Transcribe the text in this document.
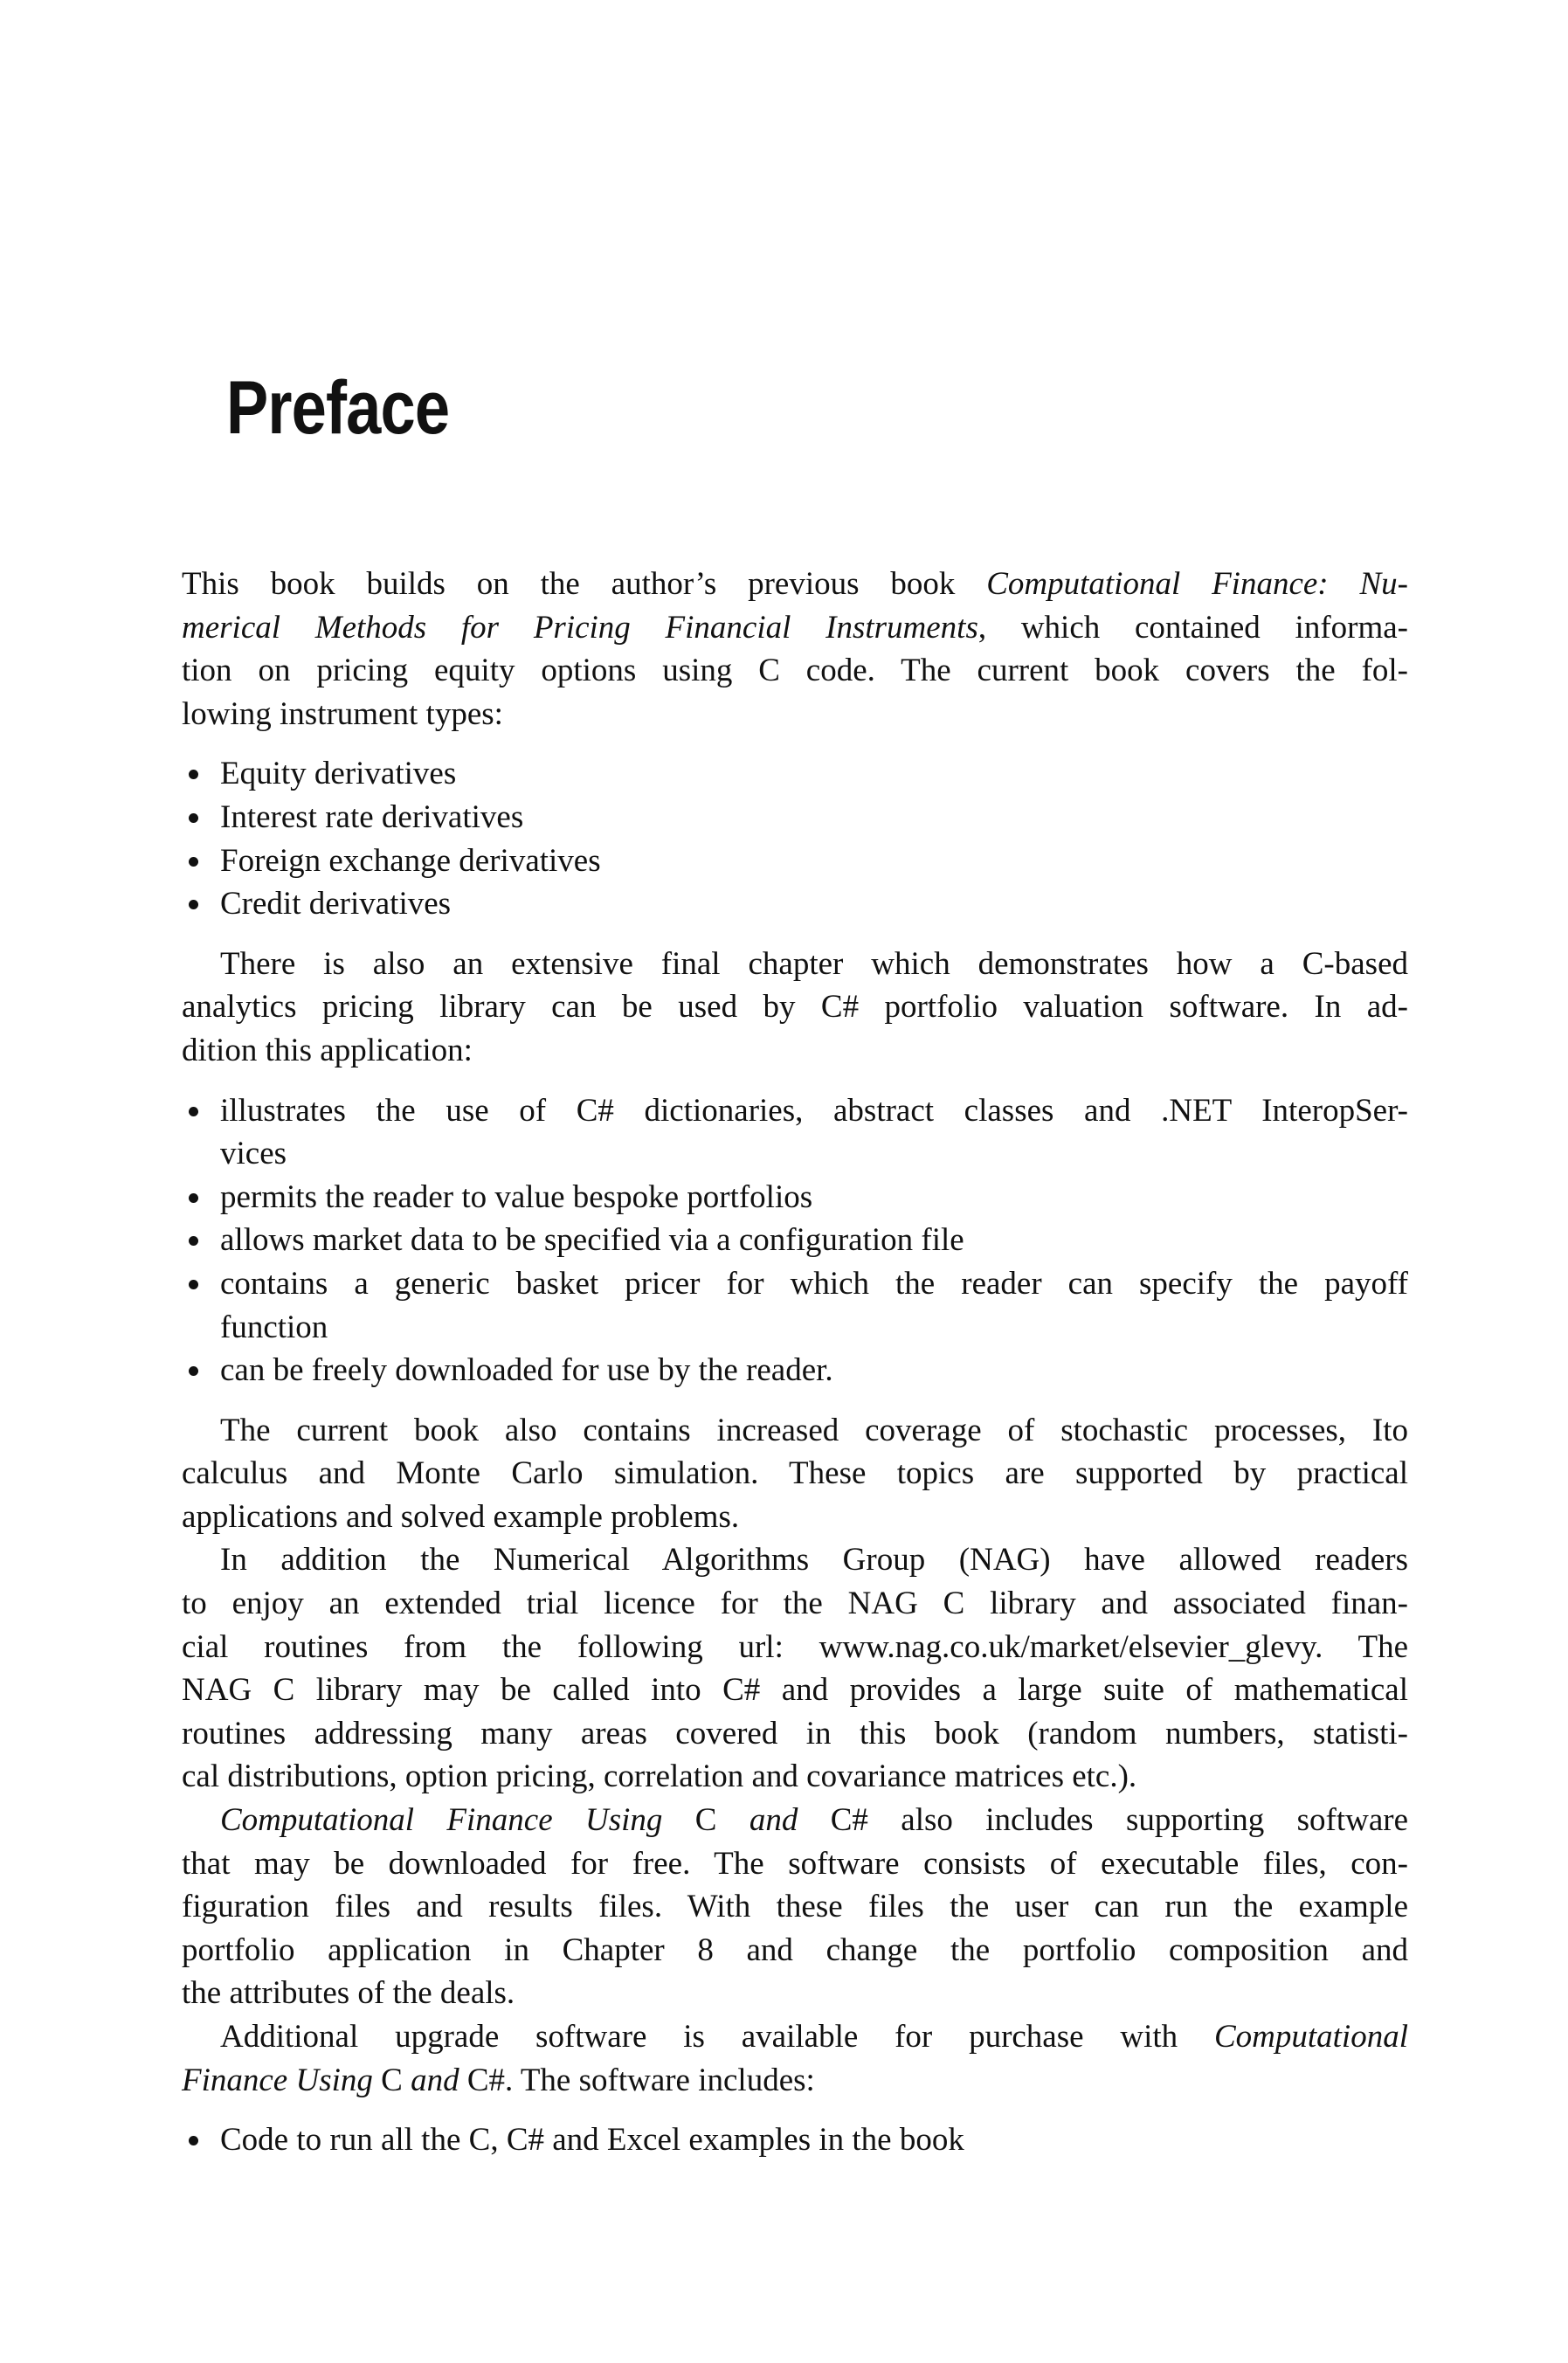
Preface
This book builds on the author’s previous book Computational Finance: Nu-
merical Methods for Pricing Financial Instruments, which contained informa-
tion on pricing equity options using C code. The current book covers the fol-
lowing instrument types:
Equity derivatives
Interest rate derivatives
Foreign exchange derivatives
Credit derivatives
There is also an extensive final chapter which demonstrates how a C-based
analytics pricing library can be used by C# portfolio valuation software. In ad-
dition this application:
illustrates the use of C# dictionaries, abstract classes and .NET InteropSer-
vices
permits the reader to value bespoke portfolios
allows market data to be specified via a configuration file
contains a generic basket pricer for which the reader can specify the payoff
function
can be freely downloaded for use by the reader.
The current book also contains increased coverage of stochastic processes, Ito
calculus and Monte Carlo simulation. These topics are supported by practical
applications and solved example problems.
In addition the Numerical Algorithms Group (NAG) have allowed readers
to enjoy an extended trial licence for the NAG C library and associated finan-
cial routines from the following url: www.nag.co.uk/market/elsevier_glevy. The
NAG C library may be called into C# and provides a large suite of mathematical
routines addressing many areas covered in this book (random numbers, statisti-
cal distributions, option pricing, correlation and covariance matrices etc.).
Computational Finance Using C and C# also includes supporting software
that may be downloaded for free. The software consists of executable files, con-
figuration files and results files. With these files the user can run the example
portfolio application in Chapter 8 and change the portfolio composition and
the attributes of the deals.
Additional upgrade software is available for purchase with Computational
Finance Using C and C#. The software includes:
Code to run all the C, C# and Excel examples in the book
